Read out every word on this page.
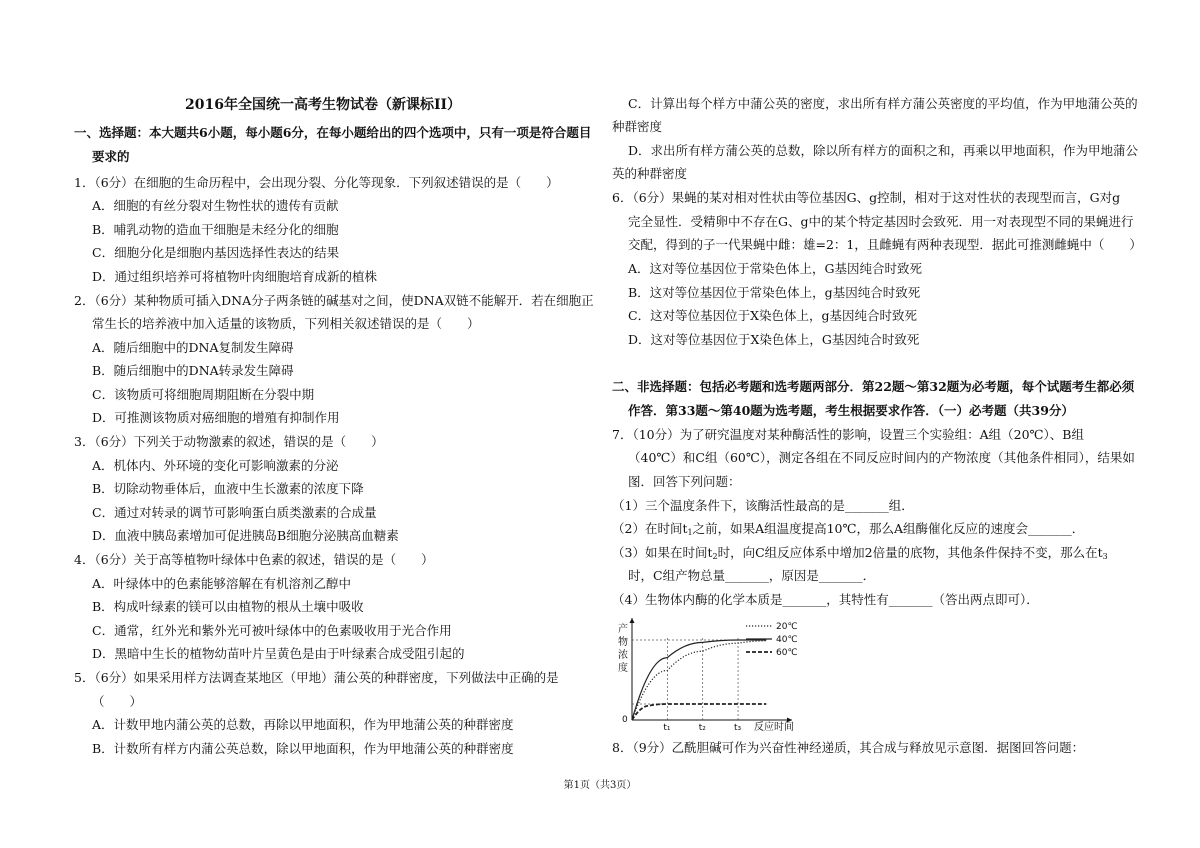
2016年全国统一高考生物试卷（新课标II）
一、选择题：本大题共6小题，每小题6分，在每小题给出的四个选项中，只有一项是符合题目
要求的
1．（6分）在细胞的生命历程中，会出现分裂、分化等现象．下列叙述错误的是（　　）
A．细胞的有丝分裂对生物性状的遗传有贡献
B．哺乳动物的造血干细胞是未经分化的细胞
C．细胞分化是细胞内基因选择性表达的结果
D．通过组织培养可将植物叶肉细胞培育成新的植株
2．（6分）某种物质可插入DNA分子两条链的碱基对之间，使DNA双链不能解开．若在细胞正
常生长的培养液中加入适量的该物质，下列相关叙述错误的是（　　）
A．随后细胞中的DNA复制发生障碍
B．随后细胞中的DNA转录发生障碍
C．该物质可将细胞周期阻断在分裂中期
D．可推测该物质对癌细胞的增殖有抑制作用
3．（6分）下列关于动物激素的叙述，错误的是（　　）
A．机体内、外环境的变化可影响激素的分泌
B．切除动物垂体后，血液中生长激素的浓度下降
C．通过对转录的调节可影响蛋白质类激素的合成量
D．血液中胰岛素增加可促进胰岛B细胞分泌胰高血糖素
4．（6分）关于高等植物叶绿体中色素的叙述，错误的是（　　）
A．叶绿体中的色素能够溶解在有机溶剂乙醇中
B．构成叶绿素的镁可以由植物的根从土壤中吸收
C．通常，红外光和紫外光可被叶绿体中的色素吸收用于光合作用
D．黑暗中生长的植物幼苗叶片呈黄色是由于叶绿素合成受阻引起的
5．（6分）如果采用样方法调查某地区（甲地）蒲公英的种群密度，下列做法中正确的是
（　　）
A．计数甲地内蒲公英的总数，再除以甲地面积，作为甲地蒲公英的种群密度
B．计数所有样方内蒲公英总数，除以甲地面积，作为甲地蒲公英的种群密度
C．计算出每个样方中蒲公英的密度，求出所有样方蒲公英密度的平均值，作为甲地蒲公英的
种群密度
D．求出所有样方蒲公英的总数，除以所有样方的面积之和，再乘以甲地面积，作为甲地蒲公
英的种群密度
6．（6分）果蝇的某对相对性状由等位基因G、g控制，相对于这对性状的表现型而言，G对g
完全显性．受精卵中不存在G、g中的某个特定基因时会致死．用一对表现型不同的果蝇进行
交配，得到的子一代果蝇中雌：雄=2：1，且雌蝇有两种表现型．据此可推测雌蝇中（　　）
A．这对等位基因位于常染色体上，G基因纯合时致死
B．这对等位基因位于常染色体上，g基因纯合时致死
C．这对等位基因位于X染色体上，g基因纯合时致死
D．这对等位基因位于X染色体上，G基因纯合时致死
二、非选择题：包括必考题和选考题两部分．第22题～第32题为必考题，每个试题考生都必须
作答．第33题～第40题为选考题，考生根据要求作答．（一）必考题（共39分）
7．（10分）为了研究温度对某种酶活性的影响，设置三个实验组：A组（20℃）、B组
（40℃）和C组（60℃），测定各组在不同反应时间内的产物浓度（其他条件相同），结果如
图．回答下列问题：
（1）三个温度条件下，该酶活性最高的是_______组．
（2）在时间$t_1$之前，如果A组温度提高10℃，那么A组酶催化反应的速度会_______．
（3）如果在时间$t_2$时，向C组反应体系中增加2倍量的底物，其他条件保持不变，那么在$t_3$
时，C组产物总量_______，原因是_______．
（4）生物体内酶的化学本质是_______，其特性有_______（答出两点即可）．
产
物
浓
度
0
反应时间
t₁	t₂	t₃
20℃
40℃
60℃
8．（9分）乙酰胆碱可作为兴奋性神经递质，其合成与释放见示意图．据图回答问题：
第1页（共3页）
